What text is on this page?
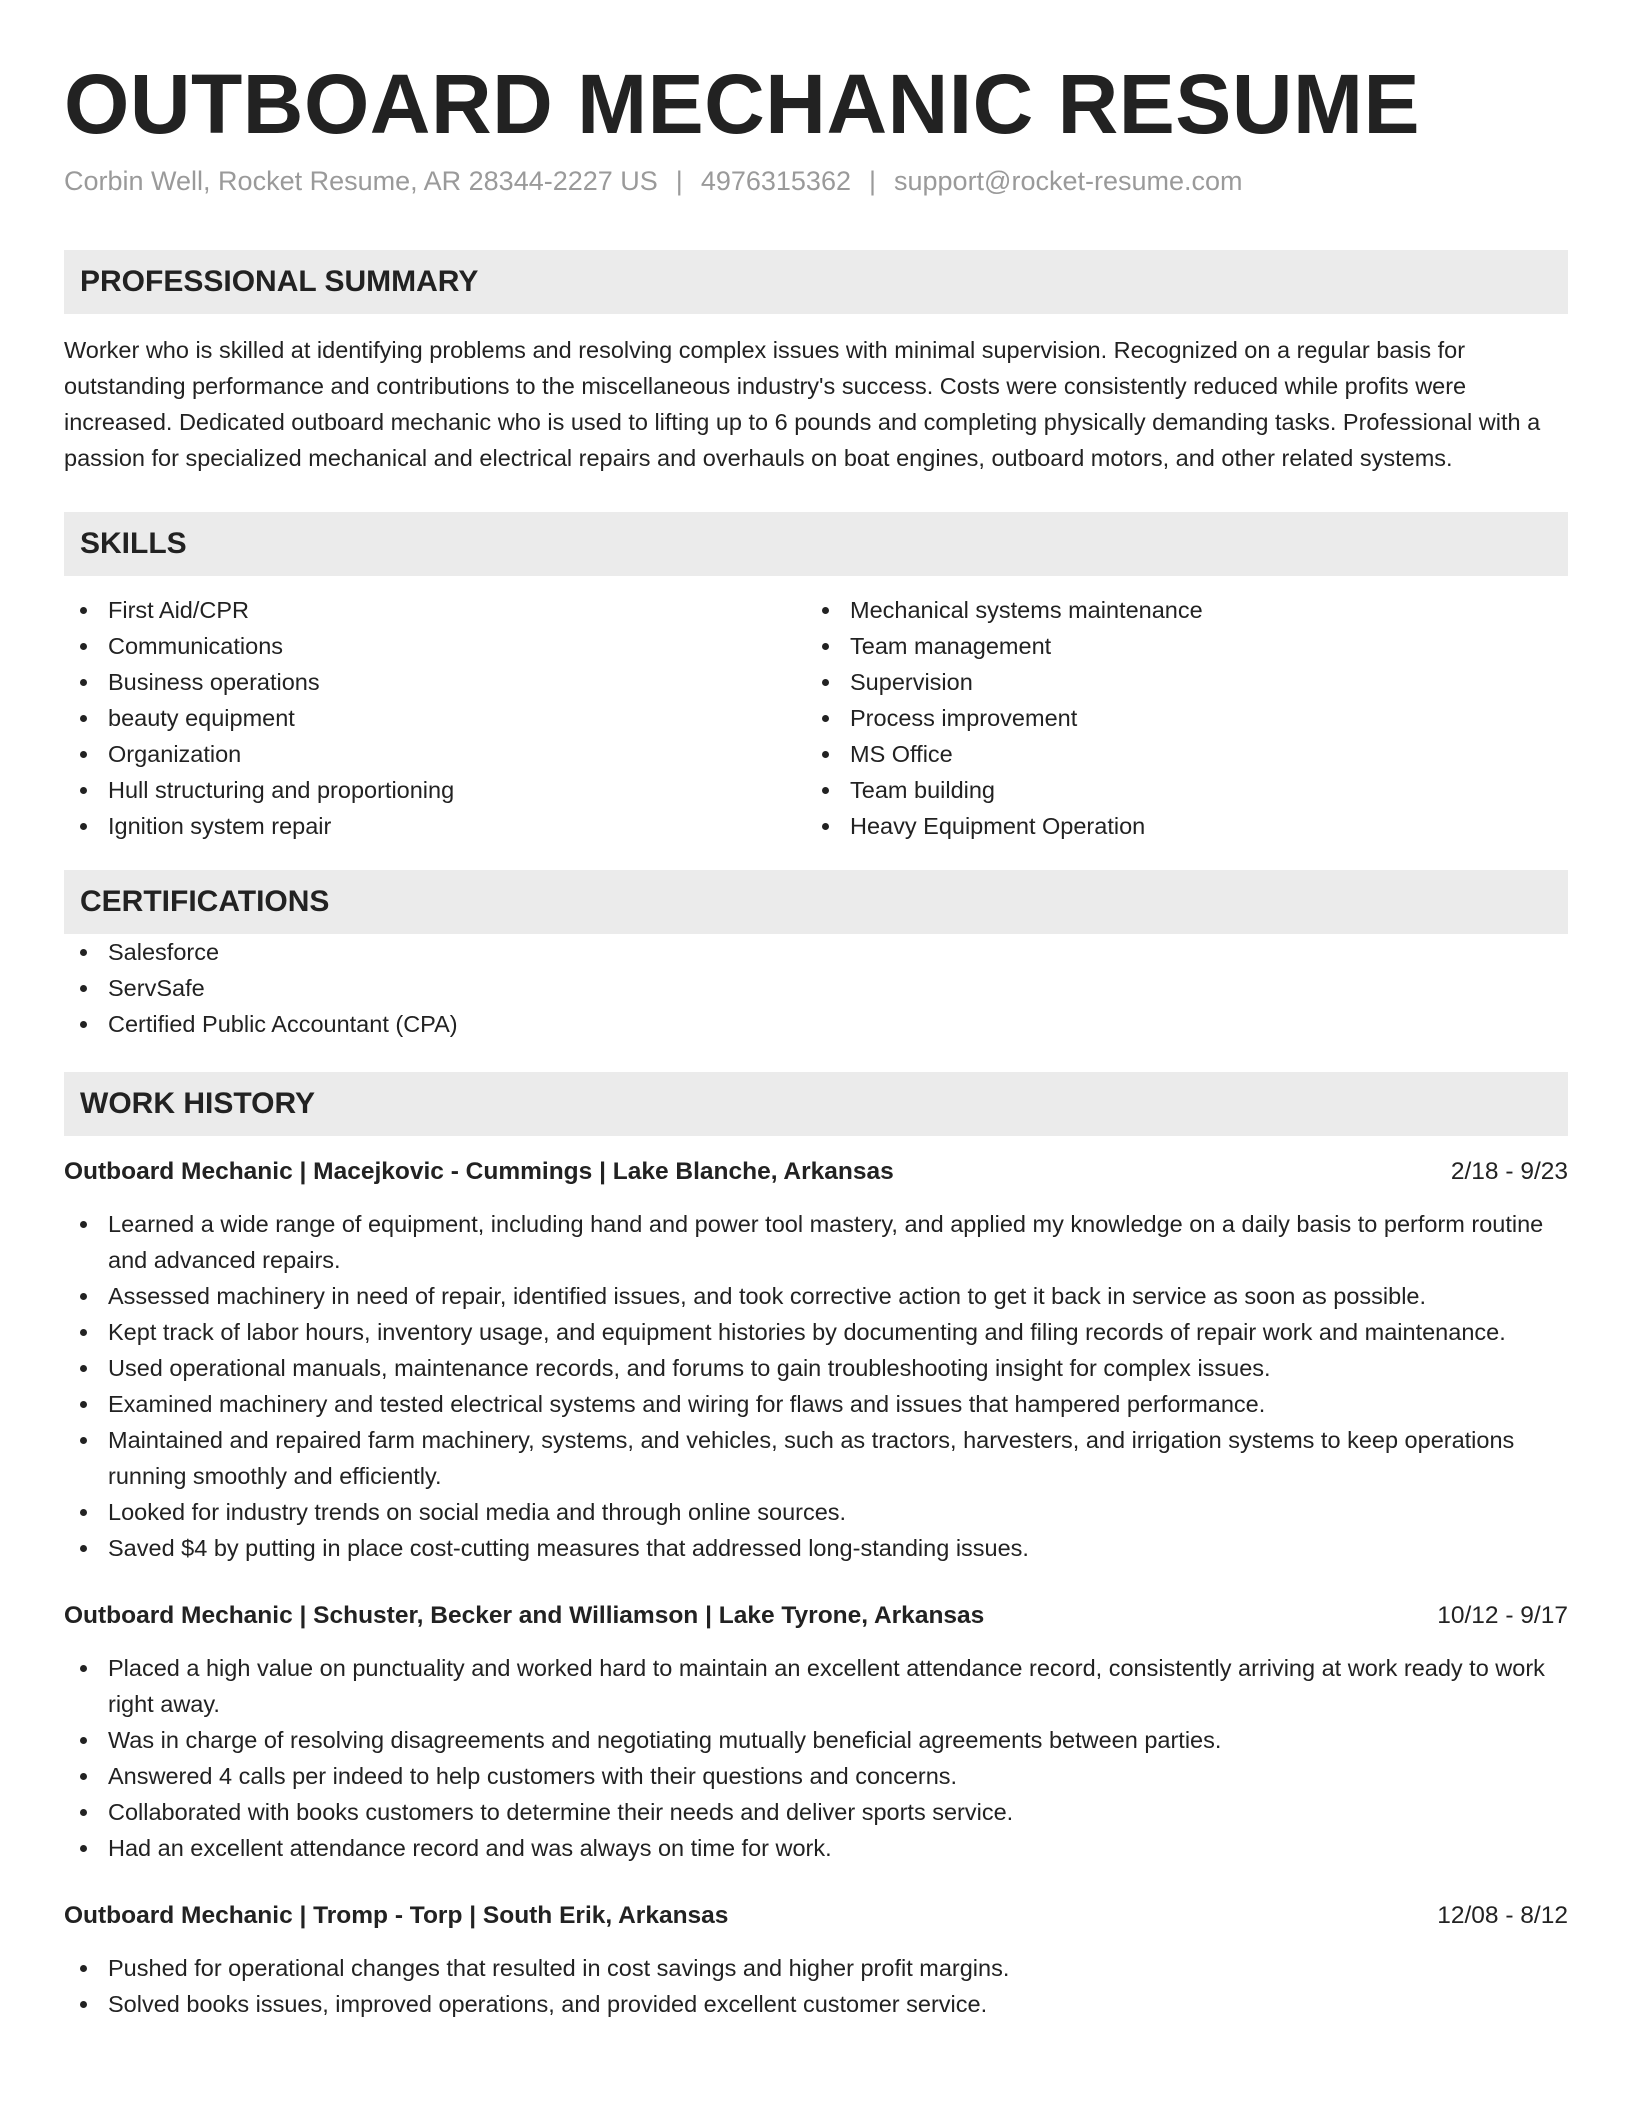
OUTBOARD MECHANIC RESUME
Corbin Well, Rocket Resume, AR 28344-2227 US | 4976315362 | support@rocket-resume.com
PROFESSIONAL SUMMARY

Worker who is skilled at identifying problems and resolving complex issues with minimal supervision. Recognized on a regular basis for outstanding performance and contributions to the miscellaneous industry's success. Costs were consistently reduced while profits were increased. Dedicated outboard mechanic who is used to lifting up to 6 pounds and completing physically demanding tasks. Professional with a passion for specialized mechanical and electrical repairs and overhauls on boat engines, outboard motors, and other related systems.

SKILLS
First Aid/CPR
Communications
Business operations
beauty equipment
Organization
Hull structuring and proportioning
Ignition system repair
Mechanical systems maintenance
Team management
Supervision
Process improvement
MS Office
Team building
Heavy Equipment Operation
CERTIFICATIONS
Salesforce
ServSafe
Certified Public Accountant (CPA)
WORK HISTORY
Outboard Mechanic | Macejkovic - Cummings | Lake Blanche, Arkansas	2/18 - 9/23
Learned a wide range of equipment, including hand and power tool mastery, and applied my knowledge on a daily basis to perform routine and advanced repairs.
Assessed machinery in need of repair, identified issues, and took corrective action to get it back in service as soon as possible.
Kept track of labor hours, inventory usage, and equipment histories by documenting and filing records of repair work and maintenance.
Used operational manuals, maintenance records, and forums to gain troubleshooting insight for complex issues.
Examined machinery and tested electrical systems and wiring for flaws and issues that hampered performance.
Maintained and repaired farm machinery, systems, and vehicles, such as tractors, harvesters, and irrigation systems to keep operations running smoothly and efficiently.
Looked for industry trends on social media and through online sources.
Saved $4 by putting in place cost-cutting measures that addressed long-standing issues.
Outboard Mechanic | Schuster, Becker and Williamson | Lake Tyrone, Arkansas	10/12 - 9/17
Placed a high value on punctuality and worked hard to maintain an excellent attendance record, consistently arriving at work ready to work right away.
Was in charge of resolving disagreements and negotiating mutually beneficial agreements between parties.
Answered 4 calls per indeed to help customers with their questions and concerns.
Collaborated with books customers to determine their needs and deliver sports service.
Had an excellent attendance record and was always on time for work.
Outboard Mechanic | Tromp - Torp | South Erik, Arkansas	12/08 - 8/12
Pushed for operational changes that resulted in cost savings and higher profit margins.
Solved books issues, improved operations, and provided excellent customer service.
